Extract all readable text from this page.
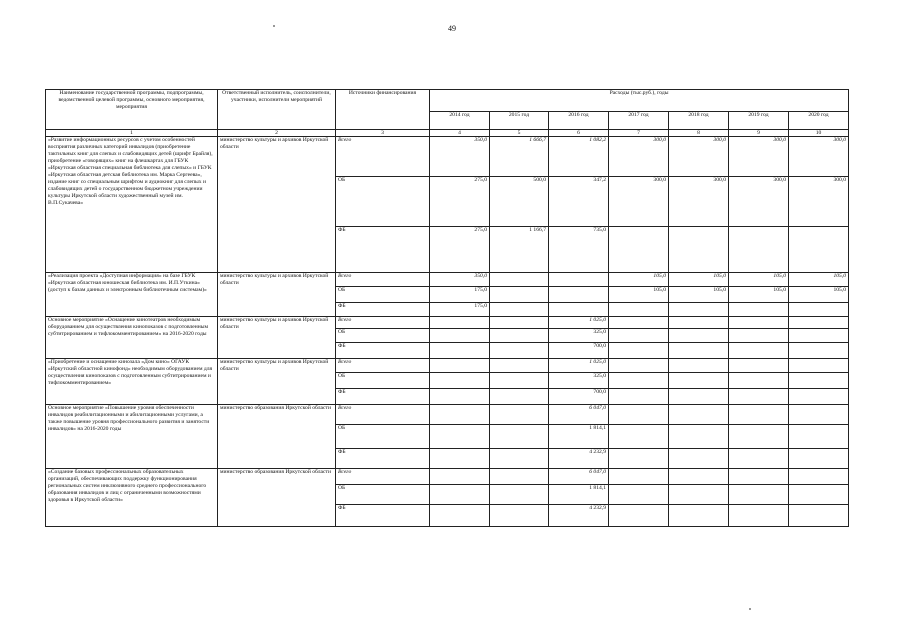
49
Наименование государственной программы, подпрограммы, ведомственной целевой программы, основного мероприятия, мероприятия	Ответственный исполнитель, соисполнители, участники, исполнители мероприятий	Источники финансирования	Расходы (тыс.руб.), годы						
			2014 год	2015 год	2016 год	2017 год	2018 год	2019 год	2020 год
1	2	3	4	5	6	7	8	9	10
«Развитие информационных ресурсов с учетом особенностей восприятия различных категорий инвалидов (приобретение тактильных книг для слепых и слабовидящих детей (шрифт Брайля), приобретение «говорящих» книг на флешкартах для ГБУК «Иркутская областная специальная библиотека для слепых» и ГБУК «Иркутская областная детская библиотека им. Марка Сергеева», издание книг со специальным шрифтом и аудиокниг для слепых и слабовидящих детей о государственном бюджетном учреждении культуры Иркутской области художественный музей им. В.П.Сукачева»	министерство культуры и архивов Иркутской области	Всего	350,0	1 666,7	1 082,2	300,0	300,0	300,0	300,0
		ОБ	275,0	500,0	347,2	300,0	300,0	300,0	300,0
		ФБ	275,0	1 166,7	735,0				
«Реализация проекта «Доступная информация» на базе ГБУК «Иркутская областная юношеская библиотека им. И.П.Уткина» (доступ к базам данных и электронным библиотечным системам)»	министерство культуры и архивов Иркутской области	Всего	350,0			105,0	105,0	105,0	105,0
		ОБ	175,0			105,0	105,0	105,0	105,0
		ФБ	175,0						
Основное мероприятие «Оснащение кинотеатров необходимым оборудованием для осуществления кинопоказов с подготовленным субтитрированием и тифлокомментированием» на 2016-2020 годы	министерство культуры и архивов Иркутской области	Всего			1 025,0				
		ОБ			325,0				
		ФБ			700,0				
«Приобретение и оснащение кинозала «Дом кино» ОГАУК «Иркутский областной кинофонд» необходимым оборудованием для осуществления кинопоказов с подготовленным субтитрированием и тифлокомментированием»	министерство культуры и архивов Иркутской области	Всего			1 025,0				
		ОБ			325,0				
		ФБ			700,0				
Основное мероприятие «Повышение уровня обеспеченности инвалидов реабилитационными и абилитационными услугами, а также повышение уровня профессионального развития и занятости инвалидов» на 2016-2020 годы	министерство образования Иркутской области	Всего			6 047,0				
		ОБ			1 814,1				
		ФБ			4 232,9				
«Создание базовых профессиональных образовательных организаций, обеспечивающих поддержку функционирования региональных систем инклюзивного среднего профессионального образования инвалидов и лиц с ограниченными возможностями здоровья в Иркутской области»	министерство образования Иркутской области	Всего			6 047,0				
		ОБ			1 814,1				
		ФБ			4 232,9				
